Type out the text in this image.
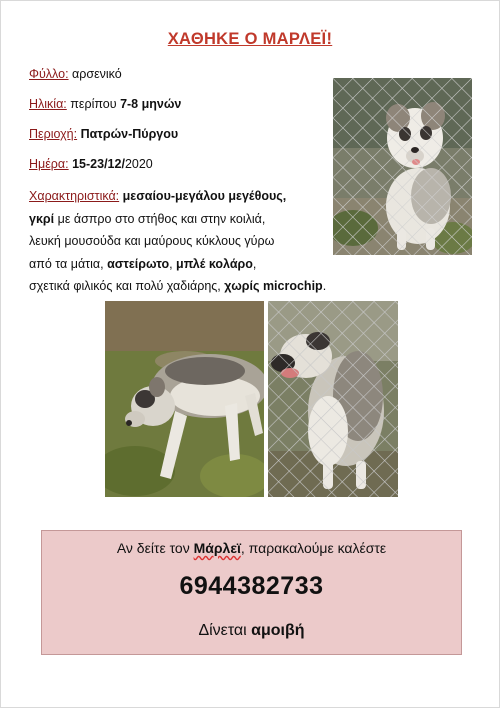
ΧΑΘΗΚΕ Ο ΜΑΡΛΕΪ!
Φύλλο: αρσενικό
Ηλικία: περίπου 7-8 μηνών
Περιοχή: Πατρών-Πύργου
Ημέρα: 15-23/12/2020
Χαρακτηριστικά: μεσαίου-μεγάλου μεγέθους,
γκρί με άσπρο στο στήθος και στην κοιλιά,
λευκή μουσούδα και μαύρους κύκλους γύρω
από τα μάτια, αστείρωτο, μπλέ κολάρο,
σχετικά φιλικός και πολύ χαδιάρης, χωρίς microchip.
Αν δείτε τον Μάρλεϊ, παρακαλούμε καλέστε
6944382733
Δίνεται αμοιβή
